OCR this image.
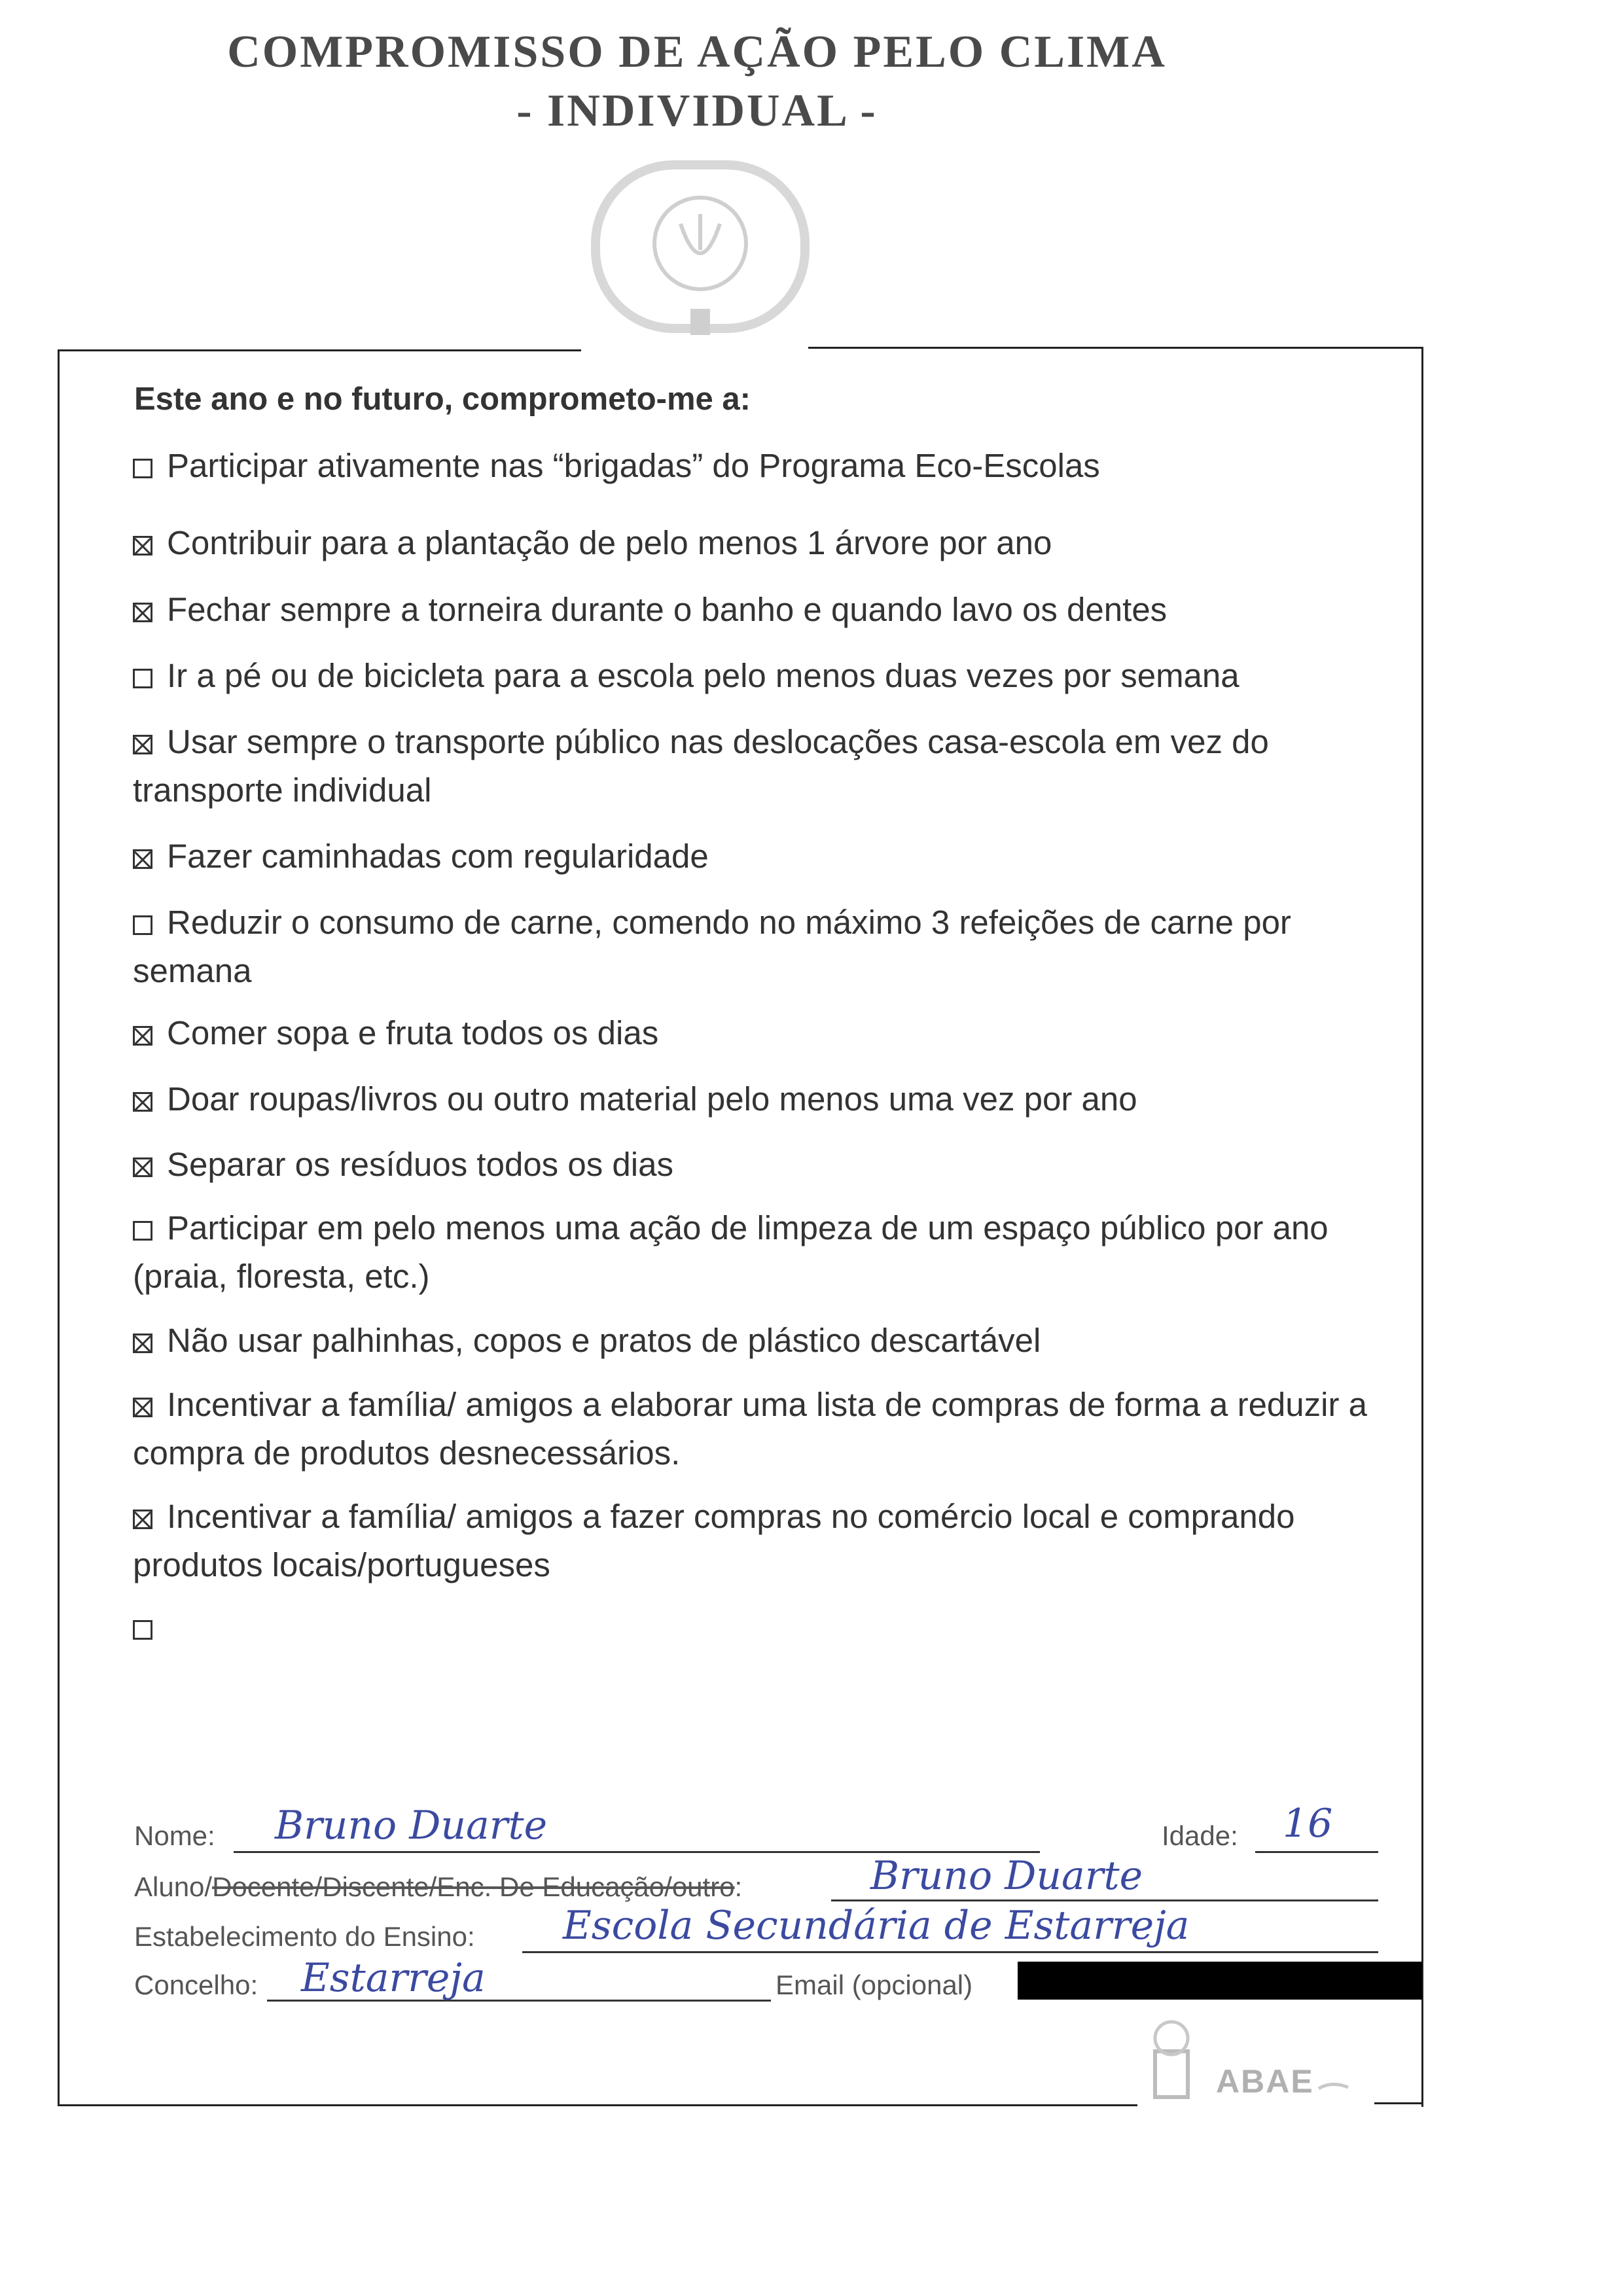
COMPROMISSO DE AÇÃO PELO CLIMA
- INDIVIDUAL -
Este ano e no futuro, comprometo-me a:
Participar ativamente nas “brigadas” do Programa Eco-Escolas
Contribuir para a plantação de pelo menos 1 árvore por ano
Fechar sempre a torneira durante o banho e quando lavo os dentes
Ir a pé ou de bicicleta para a escola pelo menos duas vezes por semana
Usar sempre o transporte público nas deslocações casa-escola em vez do transporte individual
Fazer caminhadas com regularidade
Reduzir o consumo de carne, comendo no máximo 3 refeições de carne por semana
Comer sopa e fruta todos os dias
Doar roupas/livros ou outro material pelo menos uma vez por ano
Separar os resíduos todos os dias
Participar em pelo menos uma ação de limpeza de um espaço público por ano (praia, floresta, etc.)
Não usar palhinhas, copos e pratos de plástico descartável
Incentivar a família/ amigos a elaborar uma lista de compras de forma a reduzir a compra de produtos desnecessários.
Incentivar a família/ amigos a fazer compras no comércio local e comprando produtos locais/portugueses
Nome: Bruno Duarte	Idade: 16
Aluno/Docente/Discente/Enc. De Educação/outro:	Bruno Duarte
Estabelecimento do Ensino: Escola Secundária de Estarreja
Concelho: Estarreja	Email (opcional)
ABAE
